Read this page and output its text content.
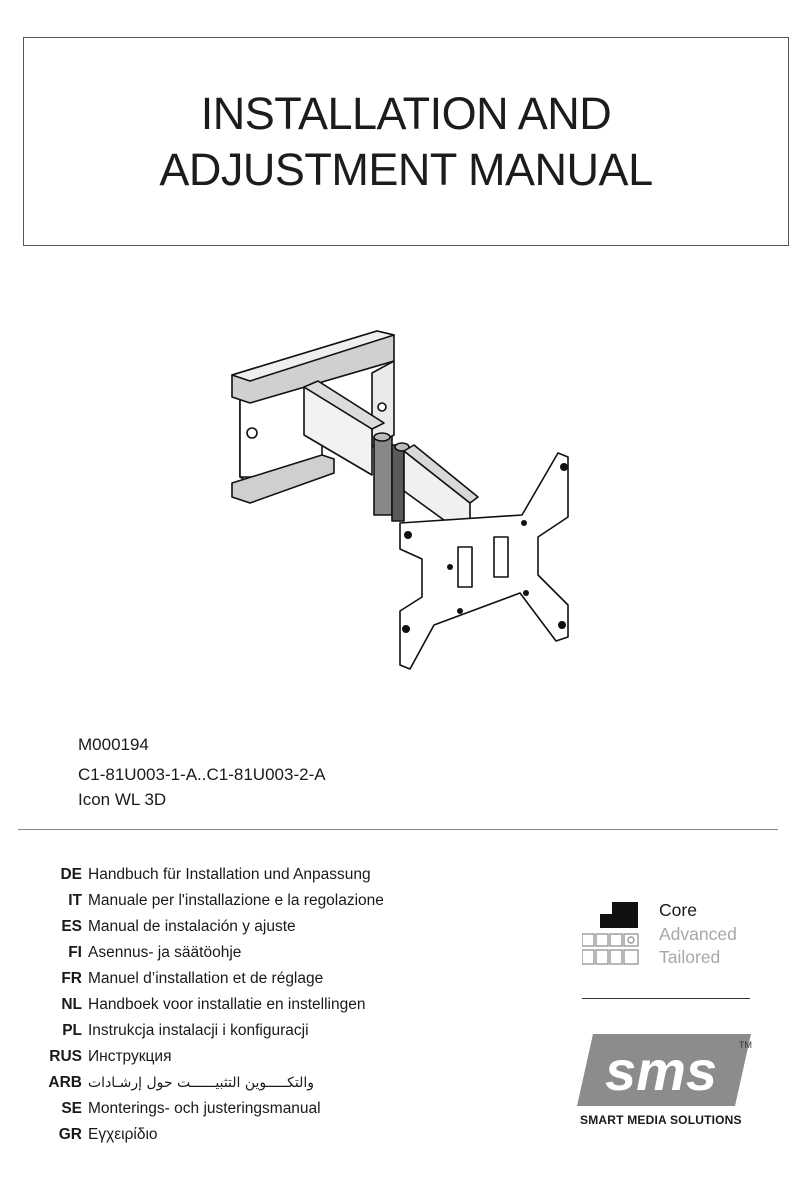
INSTALLATION AND
ADJUSTMENT MANUAL
M000194
C1-81U003-1-A..C1-81U003-2-A
Icon WL 3D
DE Handbuch für Installation und Anpassung
IT Manuale per l'installazione e la regolazione
ES Manual de instalación y ajuste
FI Asennus- ja säätöohje
FR Manuel d’installation et de réglage
NL Handboek voor installatie en instellingen
PL Instrukcja instalacji i konfiguracji
RUS Инструкция
ARB والتكـــــوين التثبيــــــت حول إرشـادات
SE Monterings- och justeringsmanual
GR Εγχειρίδιο
Core
Advanced
Tailored
sms TM
SMART MEDIA SOLUTIONS
